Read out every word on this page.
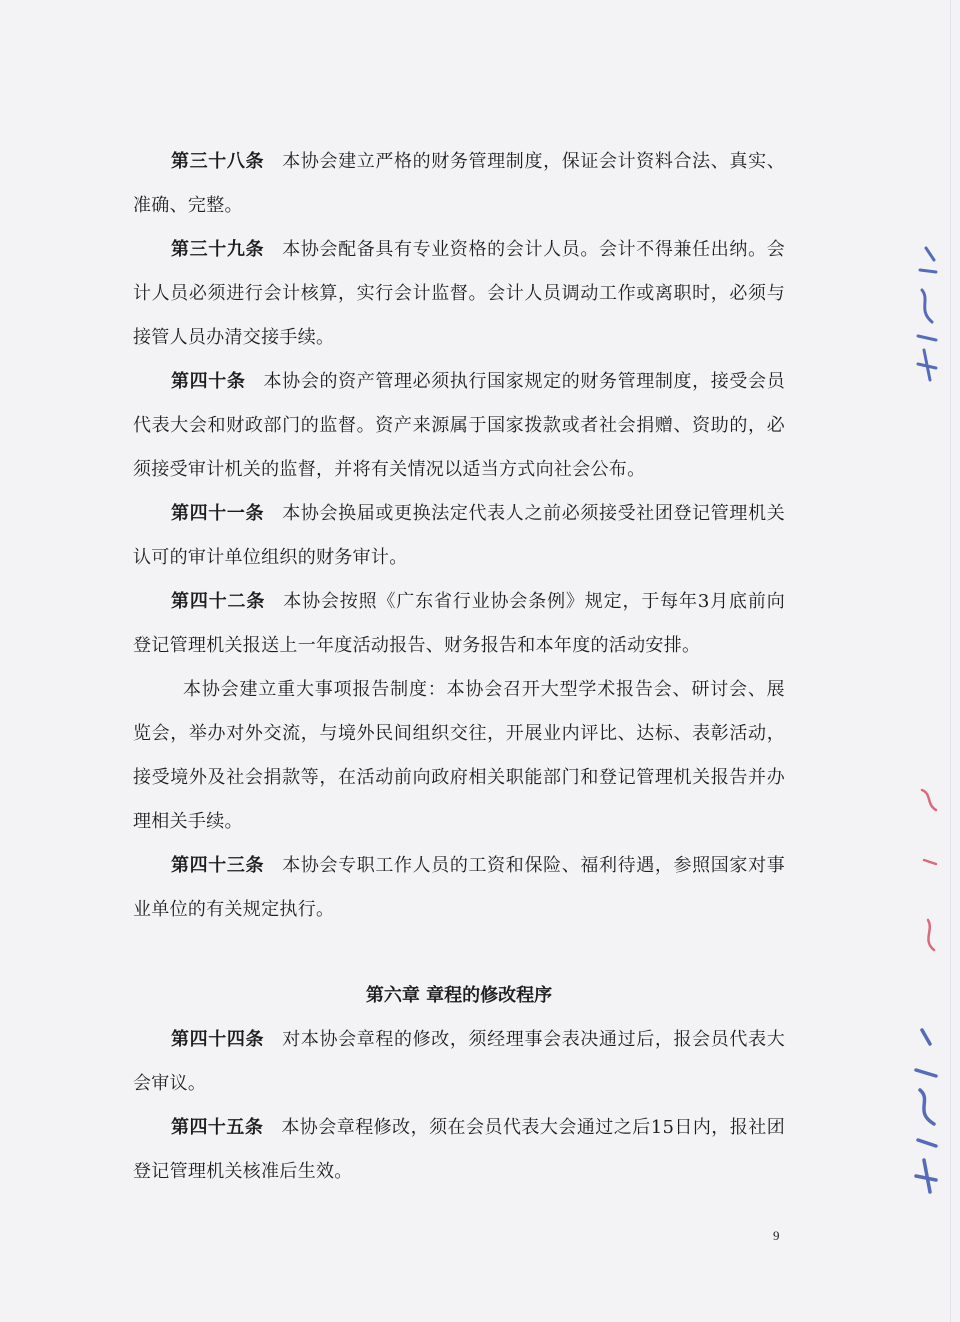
第三十八条 本协会建立严格的财务管理制度，保证会计资料合法、真实、准确、完整。

第三十九条 本协会配备具有专业资格的会计人员。会计不得兼任出纳。会计人员必须进行会计核算，实行会计监督。会计人员调动工作或离职时，必须与接管人员办清交接手续。

第四十条 本协会的资产管理必须执行国家规定的财务管理制度，接受会员代表大会和财政部门的监督。资产来源属于国家拨款或者社会捐赠、资助的，必须接受审计机关的监督，并将有关情况以适当方式向社会公布。

第四十一条 本协会换届或更换法定代表人之前必须接受社团登记管理机关认可的审计单位组织的财务审计。

第四十二条 本协会按照《广东省行业协会条例》规定，于每年3月底前向登记管理机关报送上一年度活动报告、财务报告和本年度的活动安排。

本协会建立重大事项报告制度：本协会召开大型学术报告会、研讨会、展览会，举办对外交流，与境外民间组织交往，开展业内评比、达标、表彰活动，接受境外及社会捐款等，在活动前向政府相关职能部门和登记管理机关报告并办理相关手续。

第四十三条 本协会专职工作人员的工资和保险、福利待遇，参照国家对事业单位的有关规定执行。

第六章 章程的修改程序

第四十四条 对本协会章程的修改，须经理事会表决通过后，报会员代表大会审议。

第四十五条 本协会章程修改，须在会员代表大会通过之后15日内，报社团登记管理机关核准后生效。

9
